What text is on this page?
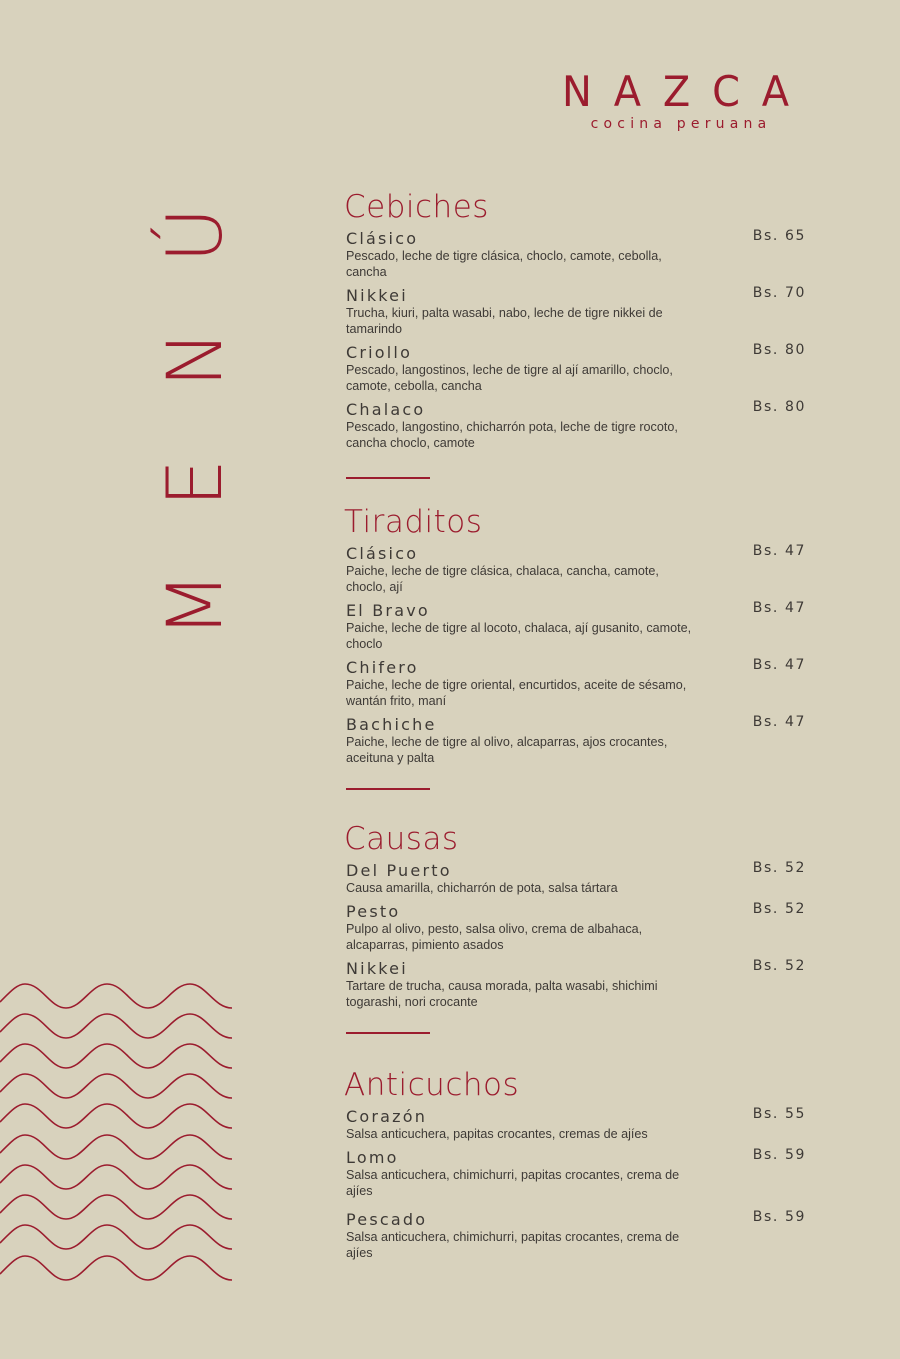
NAZCA
cocina peruana
M
E
N
Ú
Cebiches
Clásico
Pescado, leche de tigre clásica, choclo, camote, cebolla, cancha
Bs. 65
Nikkei
Trucha, kiuri, palta wasabi, nabo, leche de tigre nikkei de tamarindo
Bs. 70
Criollo
Pescado, langostinos, leche de tigre al ají amarillo, choclo, camote, cebolla, cancha
Bs. 80
Chalaco
Pescado, langostino, chicharrón pota, leche de tigre rocoto, cancha choclo, camote
Bs. 80
Tiraditos
Clásico
Paiche, leche de tigre clásica, chalaca, cancha, camote, choclo, ají
Bs. 47
El Bravo
Paiche, leche de tigre al locoto, chalaca, ají gusanito, camote, choclo
Bs. 47
Chifero
Paiche, leche de tigre oriental, encurtidos, aceite de sésamo, wantán frito, maní
Bs. 47
Bachiche
Paiche, leche de tigre al olivo, alcaparras, ajos crocantes, aceituna y palta
Bs. 47
Causas
Del Puerto
Causa amarilla, chicharrón de pota, salsa tártara
Bs. 52
Pesto
Pulpo al olivo, pesto, salsa olivo, crema de albahaca, alcaparras, pimiento asados
Bs. 52
Nikkei
Tartare de trucha, causa morada, palta wasabi, shichimi togarashi, nori crocante
Bs. 52
Anticuchos
Corazón
Salsa anticuchera, papitas crocantes, cremas de ajíes
Bs. 55
Lomo
Salsa anticuchera, chimichurri, papitas crocantes, crema de ajíes
Bs. 59
Pescado
Salsa anticuchera, chimichurri, papitas crocantes, crema de ajíes
Bs. 59
